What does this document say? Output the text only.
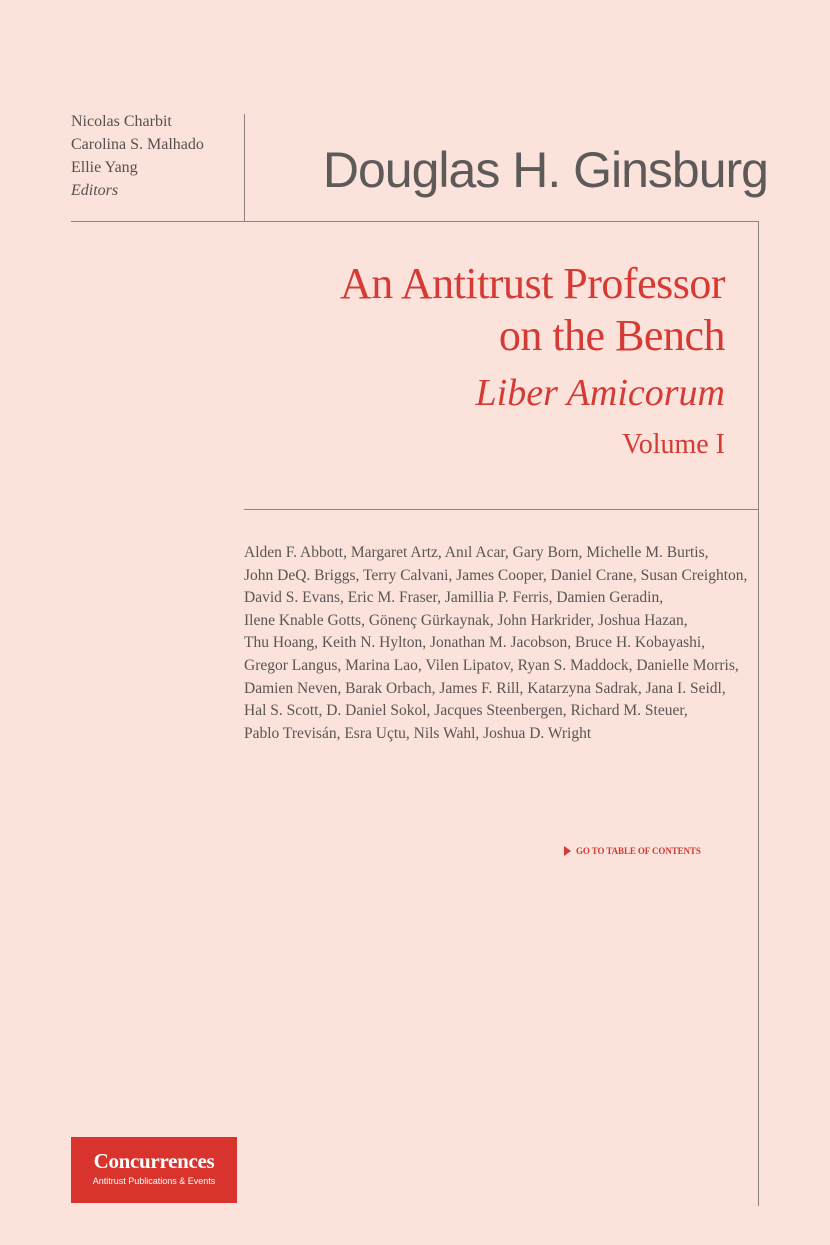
Nicolas Charbit
Carolina S. Malhado
Ellie Yang
Editors	Douglas H. Ginsburg
An Antitrust Professor
on the Bench
Liber Amicorum
Volume I
Alden F. Abbott, Margaret Artz, Anıl Acar, Gary Born, Michelle M. Burtis,
John DeQ. Briggs, Terry Calvani, James Cooper, Daniel Crane, Susan Creighton,
David S. Evans, Eric M. Fraser, Jamillia P. Ferris, Damien Geradin,
Ilene Knable Gotts, Gönenç Gürkaynak, John Harkrider, Joshua Hazan,
Thu Hoang, Keith N. Hylton, Jonathan M. Jacobson, Bruce H. Kobayashi,
Gregor Langus, Marina Lao, Vilen Lipatov, Ryan S. Maddock, Danielle Morris,
Damien Neven, Barak Orbach, James F. Rill, Katarzyna Sadrak, Jana I. Seidl,
Hal S. Scott, D. Daniel Sokol, Jacques Steenbergen, Richard M. Steuer,
Pablo Trevisán, Esra Uçtu, Nils Wahl, Joshua D. Wright
GO TO TABLE OF CONTENTS
Concurrences
Antitrust Publications & Events
